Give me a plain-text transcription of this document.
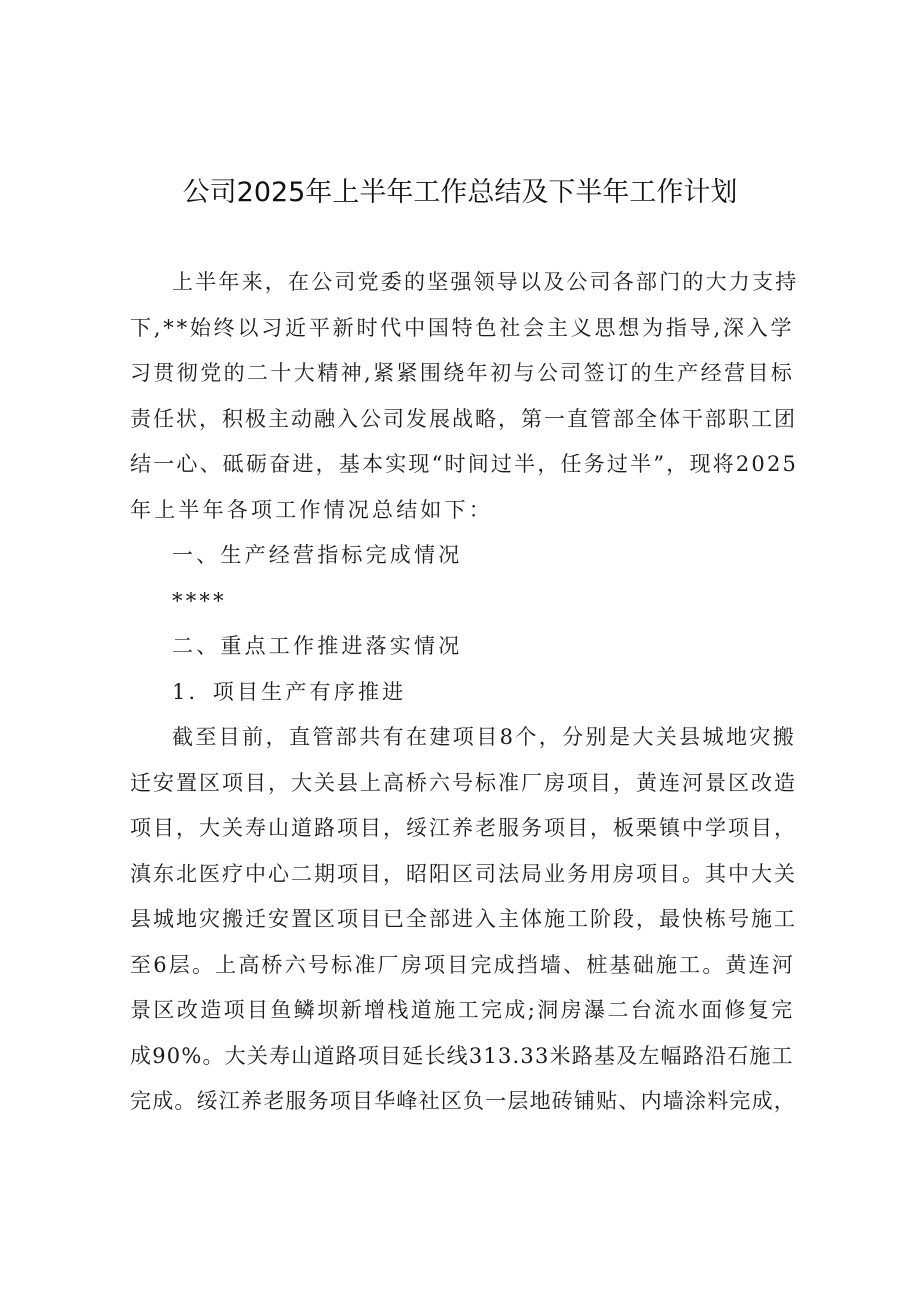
公司2025年上半年工作总结及下半年工作计划
上半年来，在公司党委的坚强领导以及公司各部门的大力支持
下,**始终以习近平新时代中国特色社会主义思想为指导,深入学
习贯彻党的二十大精神,紧紧围绕年初与公司签订的生产经营目标
责任状，积极主动融入公司发展战略，第一直管部全体干部职工团
结一心、砥砺奋进，基本实现“时间过半，任务过半”，现将2025
年上半年各项工作情况总结如下：
一、生产经营指标完成情况
****
二、重点工作推进落实情况
1．项目生产有序推进
截至目前，直管部共有在建项目8个，分别是大关县城地灾搬
迁安置区项目，大关县上高桥六号标准厂房项目，黄连河景区改造
项目，大关寿山道路项目，绥江养老服务项目，板栗镇中学项目，
滇东北医疗中心二期项目，昭阳区司法局业务用房项目。其中大关
县城地灾搬迁安置区项目已全部进入主体施工阶段，最快栋号施工
至6层。上高桥六号标准厂房项目完成挡墙、桩基础施工。黄连河
景区改造项目鱼鳞坝新增栈道施工完成;洞房瀑二台流水面修复完
成90%。大关寿山道路项目延长线313.33米路基及左幅路沿石施工
完成。绥江养老服务项目华峰社区负一层地砖铺贴、内墙涂料完成，
